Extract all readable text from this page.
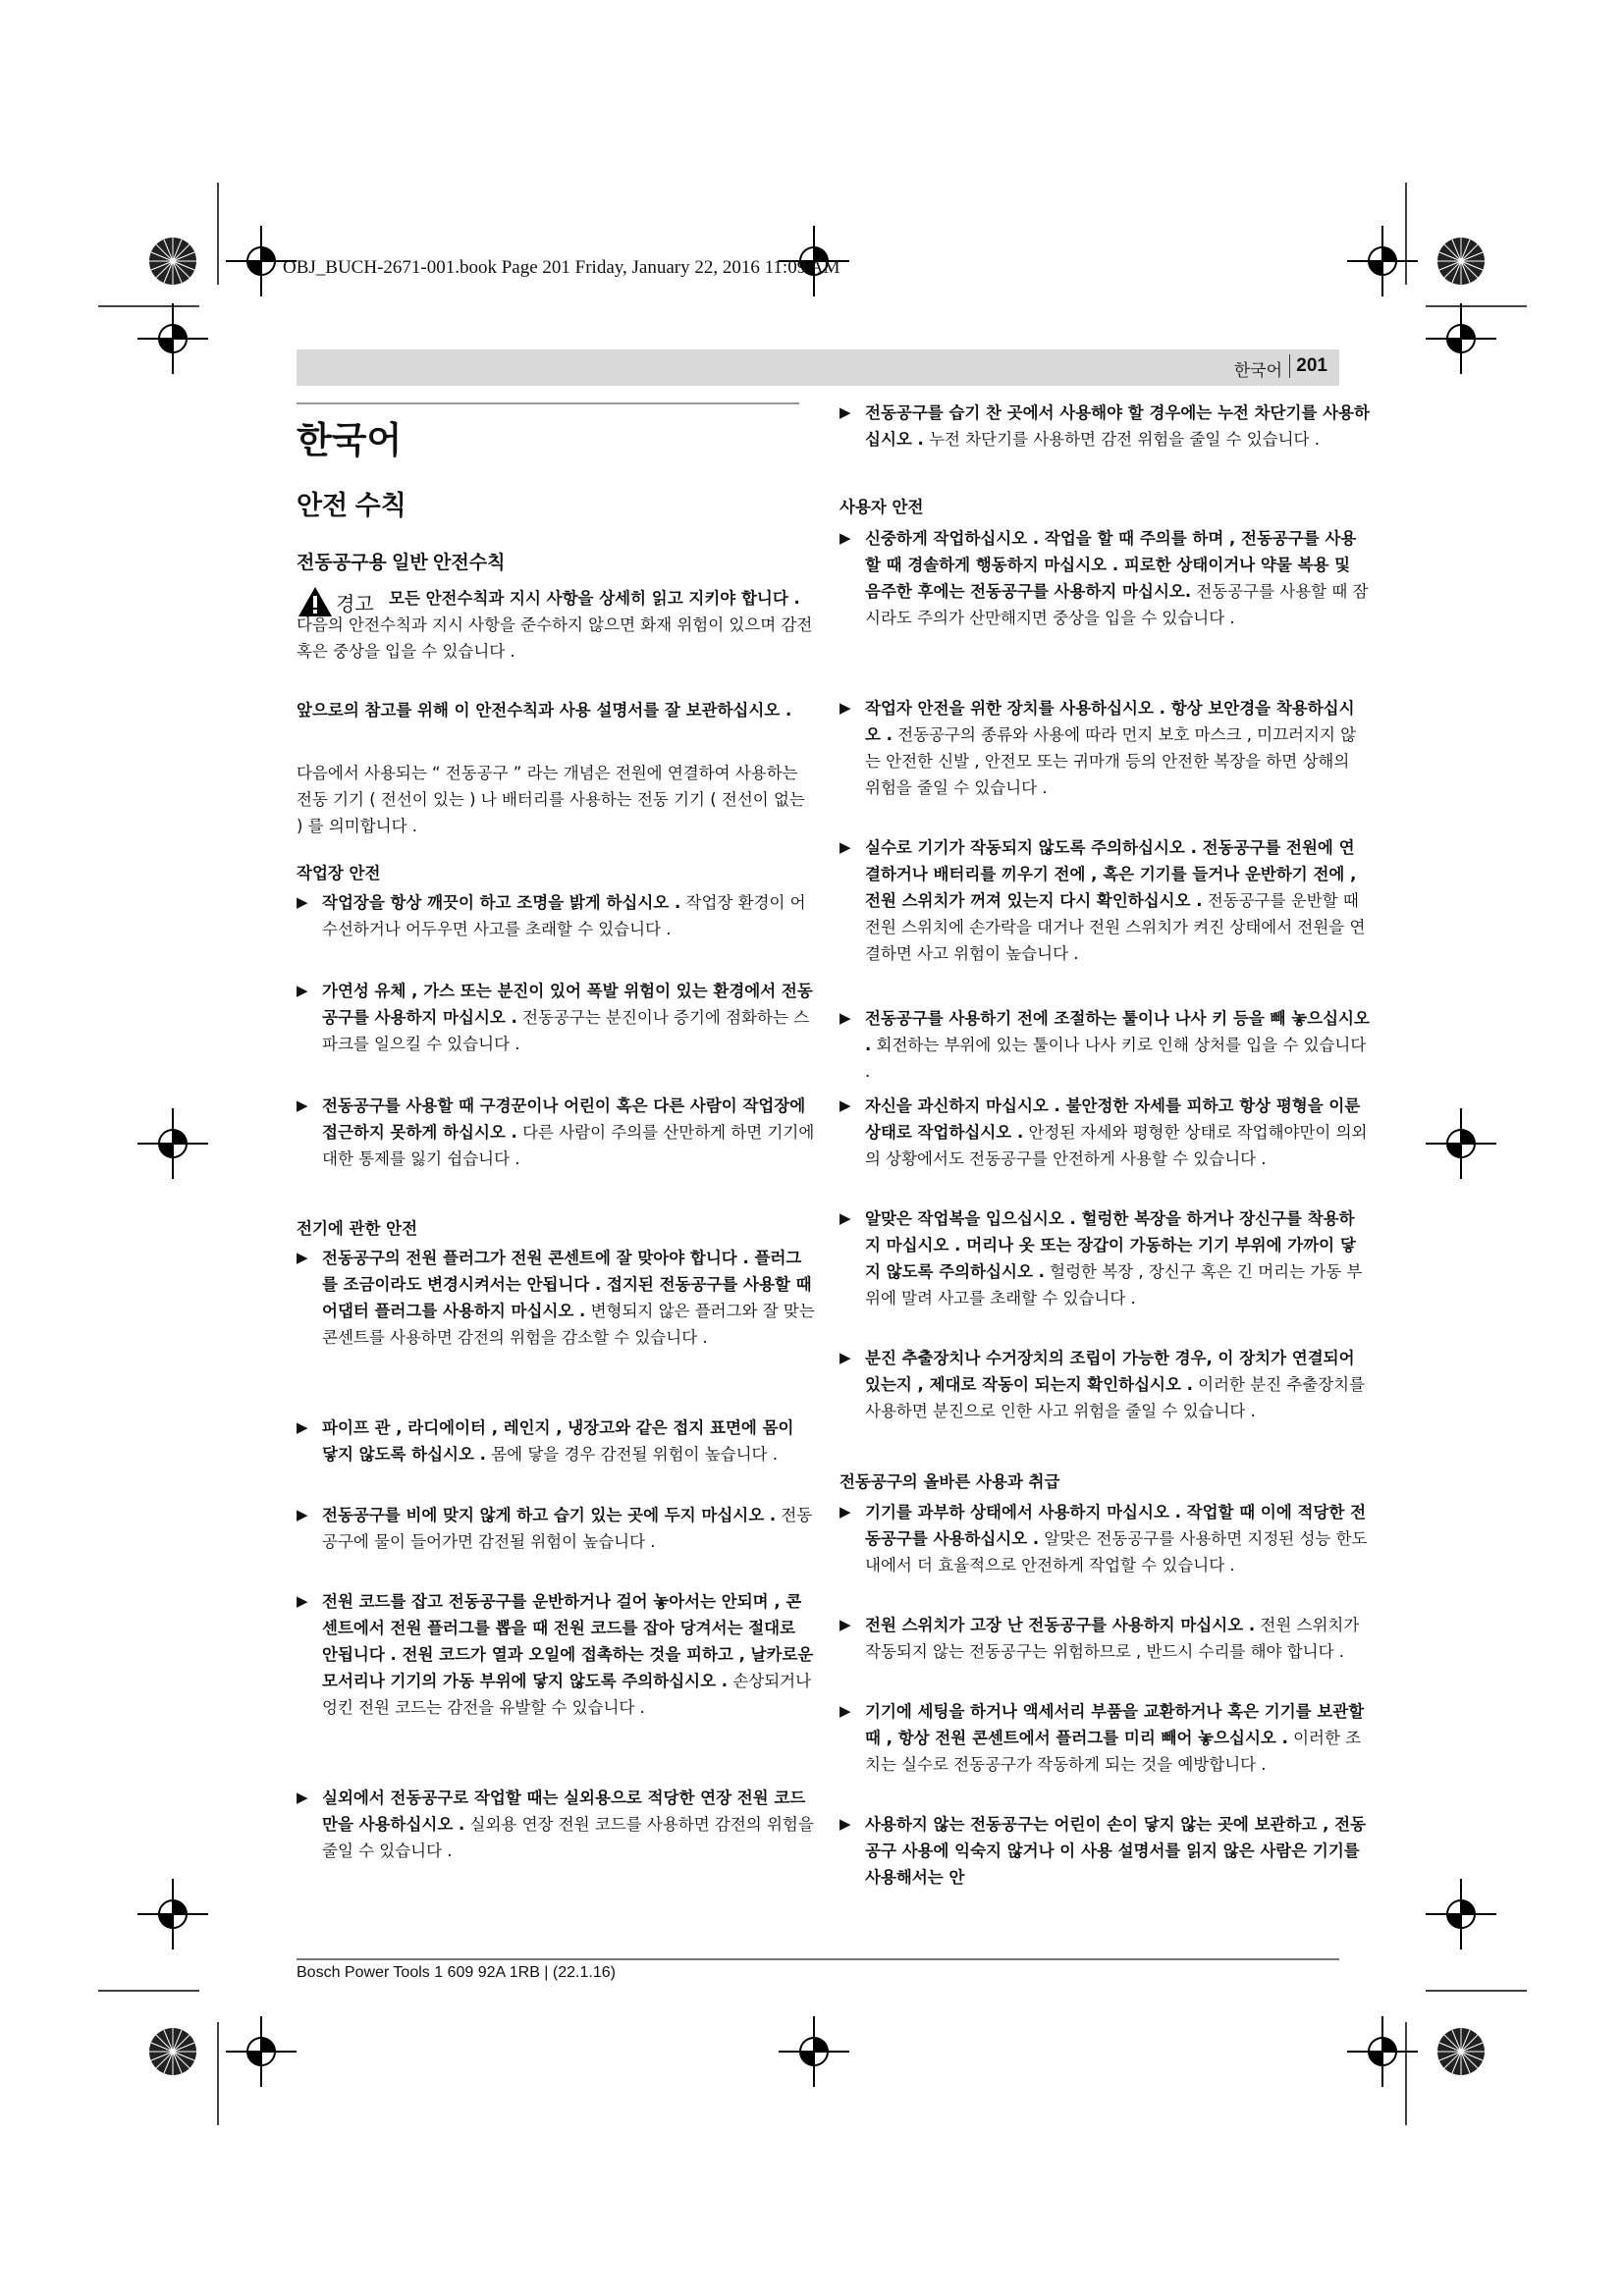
OBJ_BUCH-2671-001.book Page 201 Friday, January 22, 2016 11:09 AM
한국어 201
한국어
안전 수칙
전동공구용 일반 안전수칙
경고 모든 안전수칙과 지시 사항을 상세히 읽고 지키야 합니다 . 다음의 안전수칙과 지시 사항을 준수하지 않으면 화재 위험이 있으며 감전 혹은 중상을 입을 수 있습니다 .
앞으로의 참고를 위해 이 안전수칙과 사용 설명서를 잘 보관하십시오 .
다음에서 사용되는 “ 전동공구 ” 라는 개념은 전원에 연결하여 사용하는 전동 기기 ( 전선이 있는 ) 나 배터리를 사용하는 전동 기기 ( 전선이 없는 ) 를 의미합니다 .
작업장 안전
▶ 작업장을 항상 깨끗이 하고 조명을 밝게 하십시오 . 작업장 환경이 어수선하거나 어두우면 사고를 초래할 수 있습니다 .
▶ 가연성 유체 , 가스 또는 분진이 있어 폭발 위험이 있는 환경에서 전동공구를 사용하지 마십시오 . 전동공구는 분진이나 증기에 점화하는 스파크를 일으킬 수 있습니다 .
▶ 전동공구를 사용할 때 구경꾼이나 어린이 혹은 다른 사람이 작업장에 접근하지 못하게 하십시오 . 다른 사람이 주의를 산만하게 하면 기기에 대한 통제를 잃기 쉽습니다 .
전기에 관한 안전
▶ 전동공구의 전원 플러그가 전원 콘센트에 잘 맞아야 합니다 . 플러그를 조금이라도 변경시켜서는 안됩니다 . 접지된 전동공구를 사용할 때 어댑터 플러그를 사용하지 마십시오 . 변형되지 않은 플러그와 잘 맞는 콘센트를 사용하면 감전의 위험을 감소할 수 있습니다 .
▶ 파이프 관 , 라디에이터 , 레인지 , 냉장고와 같은 접지 표면에 몸이 닿지 않도록 하십시오 . 몸에 닿을 경우 감전될 위험이 높습니다 .
▶ 전동공구를 비에 맞지 않게 하고 습기 있는 곳에 두지 마십시오 . 전동공구에 물이 들어가면 감전될 위험이 높습니다 .
▶ 전원 코드를 잡고 전동공구를 운반하거나 걸어 놓아서는 안되며 , 콘센트에서 전원 플러그를 뽑을 때 전원 코드를 잡아 당겨서는 절대로 안됩니다 . 전원 코드가 열과 오일에 접촉하는 것을 피하고 , 날카로운 모서리나 기기의 가동 부위에 닿지 않도록 주의하십시오 . 손상되거나 엉킨 전원 코드는 감전을 유발할 수 있습니다 .
▶ 실외에서 전동공구로 작업할 때는 실외용으로 적당한 연장 전원 코드만을 사용하십시오 . 실외용 연장 전원 코드를 사용하면 감전의 위험을 줄일 수 있습니다 .
▶ 전동공구를 습기 찬 곳에서 사용해야 할 경우에는 누전 차단기를 사용하십시오 . 누전 차단기를 사용하면 감전 위험을 줄일 수 있습니다 .
사용자 안전
▶ 신중하게 작업하십시오 . 작업을 할 때 주의를 하며 , 전동공구를 사용할 때 경솔하게 행동하지 마십시오 . 피로한 상태이거나 약물 복용 및 음주한 후에는 전동공구를 사용하지 마십시오. 전동공구를 사용할 때 잠시라도 주의가 산만해지면 중상을 입을 수 있습니다 .
▶ 작업자 안전을 위한 장치를 사용하십시오 . 항상 보안경을 착용하십시오 . 전동공구의 종류와 사용에 따라 먼지 보호 마스크 , 미끄러지지 않는 안전한 신발 , 안전모 또는 귀마개 등의 안전한 복장을 하면 상해의 위험을 줄일 수 있습니다 .
▶ 실수로 기기가 작동되지 않도록 주의하십시오 . 전동공구를 전원에 연결하거나 배터리를 끼우기 전에 , 혹은 기기를 들거나 운반하기 전에 , 전원 스위치가 꺼져 있는지 다시 확인하십시오 . 전동공구를 운반할 때 전원 스위치에 손가락을 대거나 전원 스위치가 켜진 상태에서 전원을 연결하면 사고 위험이 높습니다 .
▶ 전동공구를 사용하기 전에 조절하는 툴이나 나사 키 등을 빼 놓으십시오 . 회전하는 부위에 있는 툴이나 나사 키로 인해 상처를 입을 수 있습니다 .
▶ 자신을 과신하지 마십시오 . 불안정한 자세를 피하고 항상 평형을 이룬 상태로 작업하십시오 . 안정된 자세와 평형한 상태로 작업해야만이 의외의 상황에서도 전동공구를 안전하게 사용할 수 있습니다 .
▶ 알맞은 작업복을 입으십시오 . 헐렁한 복장을 하거나 장신구를 착용하지 마십시오 . 머리나 옷 또는 장갑이 가동하는 기기 부위에 가까이 닿지 않도록 주의하십시오 . 헐렁한 복장 , 장신구 혹은 긴 머리는 가동 부위에 말려 사고를 초래할 수 있습니다 .
▶ 분진 추출장치나 수거장치의 조립이 가능한 경우, 이 장치가 연결되어 있는지 , 제대로 작동이 되는지 확인하십시오 . 이러한 분진 추출장치를 사용하면 분진으로 인한 사고 위험을 줄일 수 있습니다 .
전동공구의 올바른 사용과 취급
▶ 기기를 과부하 상태에서 사용하지 마십시오 . 작업할 때 이에 적당한 전동공구를 사용하십시오 . 알맞은 전동공구를 사용하면 지정된 성능 한도 내에서 더 효율적으로 안전하게 작업할 수 있습니다 .
▶ 전원 스위치가 고장 난 전동공구를 사용하지 마십시오 . 전원 스위치가 작동되지 않는 전동공구는 위험하므로 , 반드시 수리를 해야 합니다 .
▶ 기기에 세팅을 하거나 액세서리 부품을 교환하거나 혹은 기기를 보관할 때 , 항상 전원 콘센트에서 플러그를 미리 빼어 놓으십시오 . 이러한 조치는 실수로 전동공구가 작동하게 되는 것을 예방합니다 .
▶ 사용하지 않는 전동공구는 어린이 손이 닿지 않는 곳에 보관하고 , 전동공구 사용에 익숙지 않거나 이 사용 설명서를 읽지 않은 사람은 기기를 사용해서는 안
Bosch Power Tools 1 609 92A 1RB | (22.1.16)
